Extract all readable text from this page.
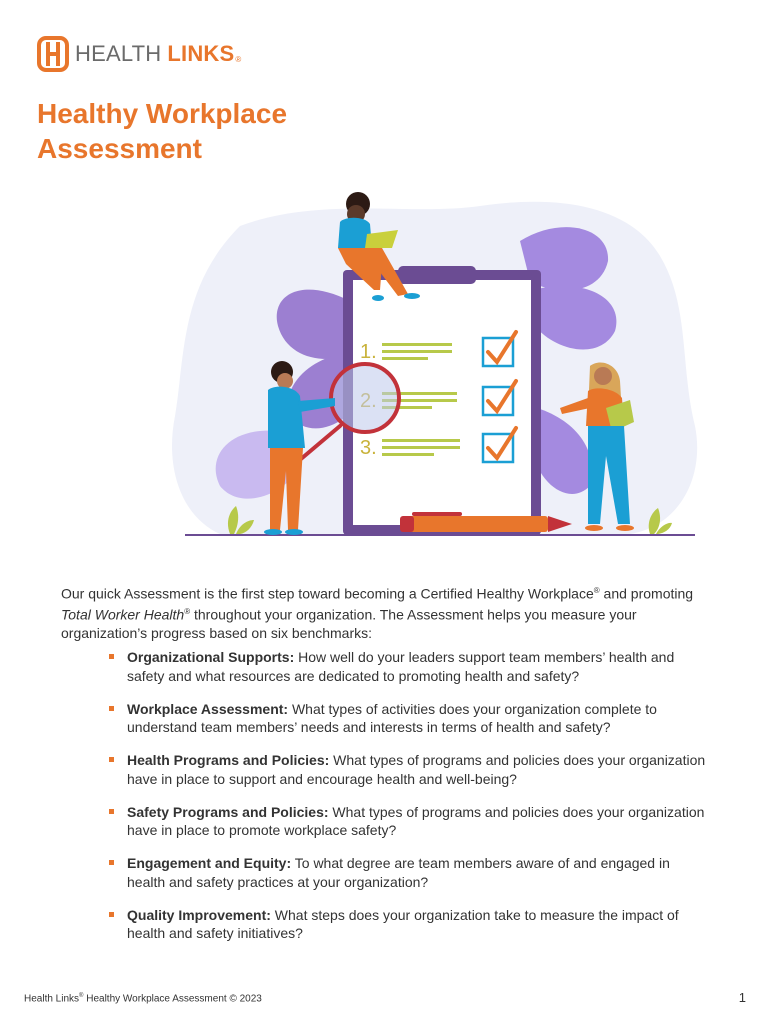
HEALTH LINKS ®
Healthy Workplace
Assessment
1.
3.

Our quick Assessment is the first step toward becoming a Certified Healthy Workplace® and promoting Total Worker Health® throughout your organization. The Assessment helps you measure your organization’s progress based on six benchmarks:

Organizational Supports: How well do your leaders support team members’ health and safety and what resources are dedicated to promoting health and safety?
Workplace Assessment: What types of activities does your organization complete to understand team members’ needs and interests in terms of health and safety?
Health Programs and Policies: What types of programs and policies does your organization have in place to support and encourage health and well-being?
Safety Programs and Policies: What types of programs and policies does your organization have in place to promote workplace safety?
Engagement and Equity: To what degree are team members aware of and engaged in health and safety practices at your organization?
Quality Improvement: What steps does your organization take to measure the impact of health and safety initiatives?
Health Links® Healthy Workplace Assessment © 2023	1
